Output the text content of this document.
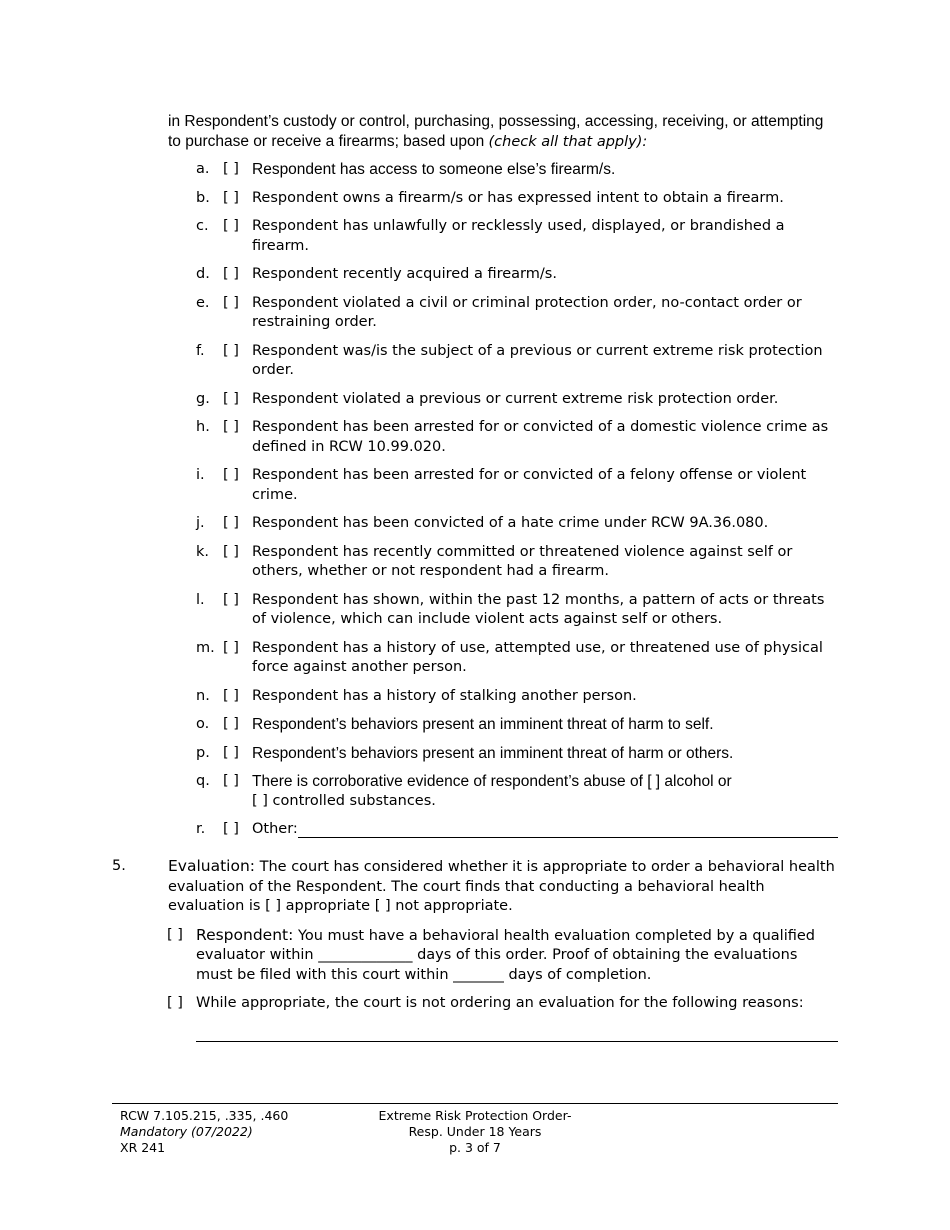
in Respondent’s custody or control, purchasing, possessing, accessing, receiving, or attempting to purchase or receive a firearms; based upon (check all that apply):
a. [ ] Respondent has access to someone else’s firearm/s.
b. [ ] Respondent owns a firearm/s or has expressed intent to obtain a firearm.
c. [ ] Respondent has unlawfully or recklessly used, displayed, or brandished a firearm.
d. [ ] Respondent recently acquired a firearm/s.
e. [ ] Respondent violated a civil or criminal protection order, no-contact order or restraining order.
f. [ ] Respondent was/is the subject of a previous or current extreme risk protection order.
g. [ ] Respondent violated a previous or current extreme risk protection order.
h. [ ] Respondent has been arrested for or convicted of a domestic violence crime as defined in RCW 10.99.020.
i. [ ] Respondent has been arrested for or convicted of a felony offense or violent crime.
j. [ ] Respondent has been convicted of a hate crime under RCW 9A.36.080.
k. [ ] Respondent has recently committed or threatened violence against self or others, whether or not respondent had a firearm.
l. [ ] Respondent has shown, within the past 12 months, a pattern of acts or threats of violence, which can include violent acts against self or others.
m. [ ] Respondent has a history of use, attempted use, or threatened use of physical force against another person.
n. [ ] Respondent has a history of stalking another person.
o. [ ] Respondent’s behaviors present an imminent threat of harm to self.
p. [ ] Respondent’s behaviors present an imminent threat of harm or others.
q. [ ] There is corroborative evidence of respondent’s abuse of [ ] alcohol or
[ ] controlled substances.
r. [ ] Other:
5.	Evaluation: The court has considered whether it is appropriate to order a behavioral health evaluation of the Respondent. The court finds that conducting a behavioral health evaluation is [ ] appropriate [ ] not appropriate.
[ ] Respondent: You must have a behavioral health evaluation completed by a qualified evaluator within _____________ days of this order. Proof of obtaining the evaluations must be filed with this court within _______ days of completion.
[ ] While appropriate, the court is not ordering an evaluation for the following reasons:
RCW 7.105.215, .335, .460
Mandatory (07/2022)
XR 241
Extreme Risk Protection Order-
Resp. Under 18 Years
p. 3 of 7
